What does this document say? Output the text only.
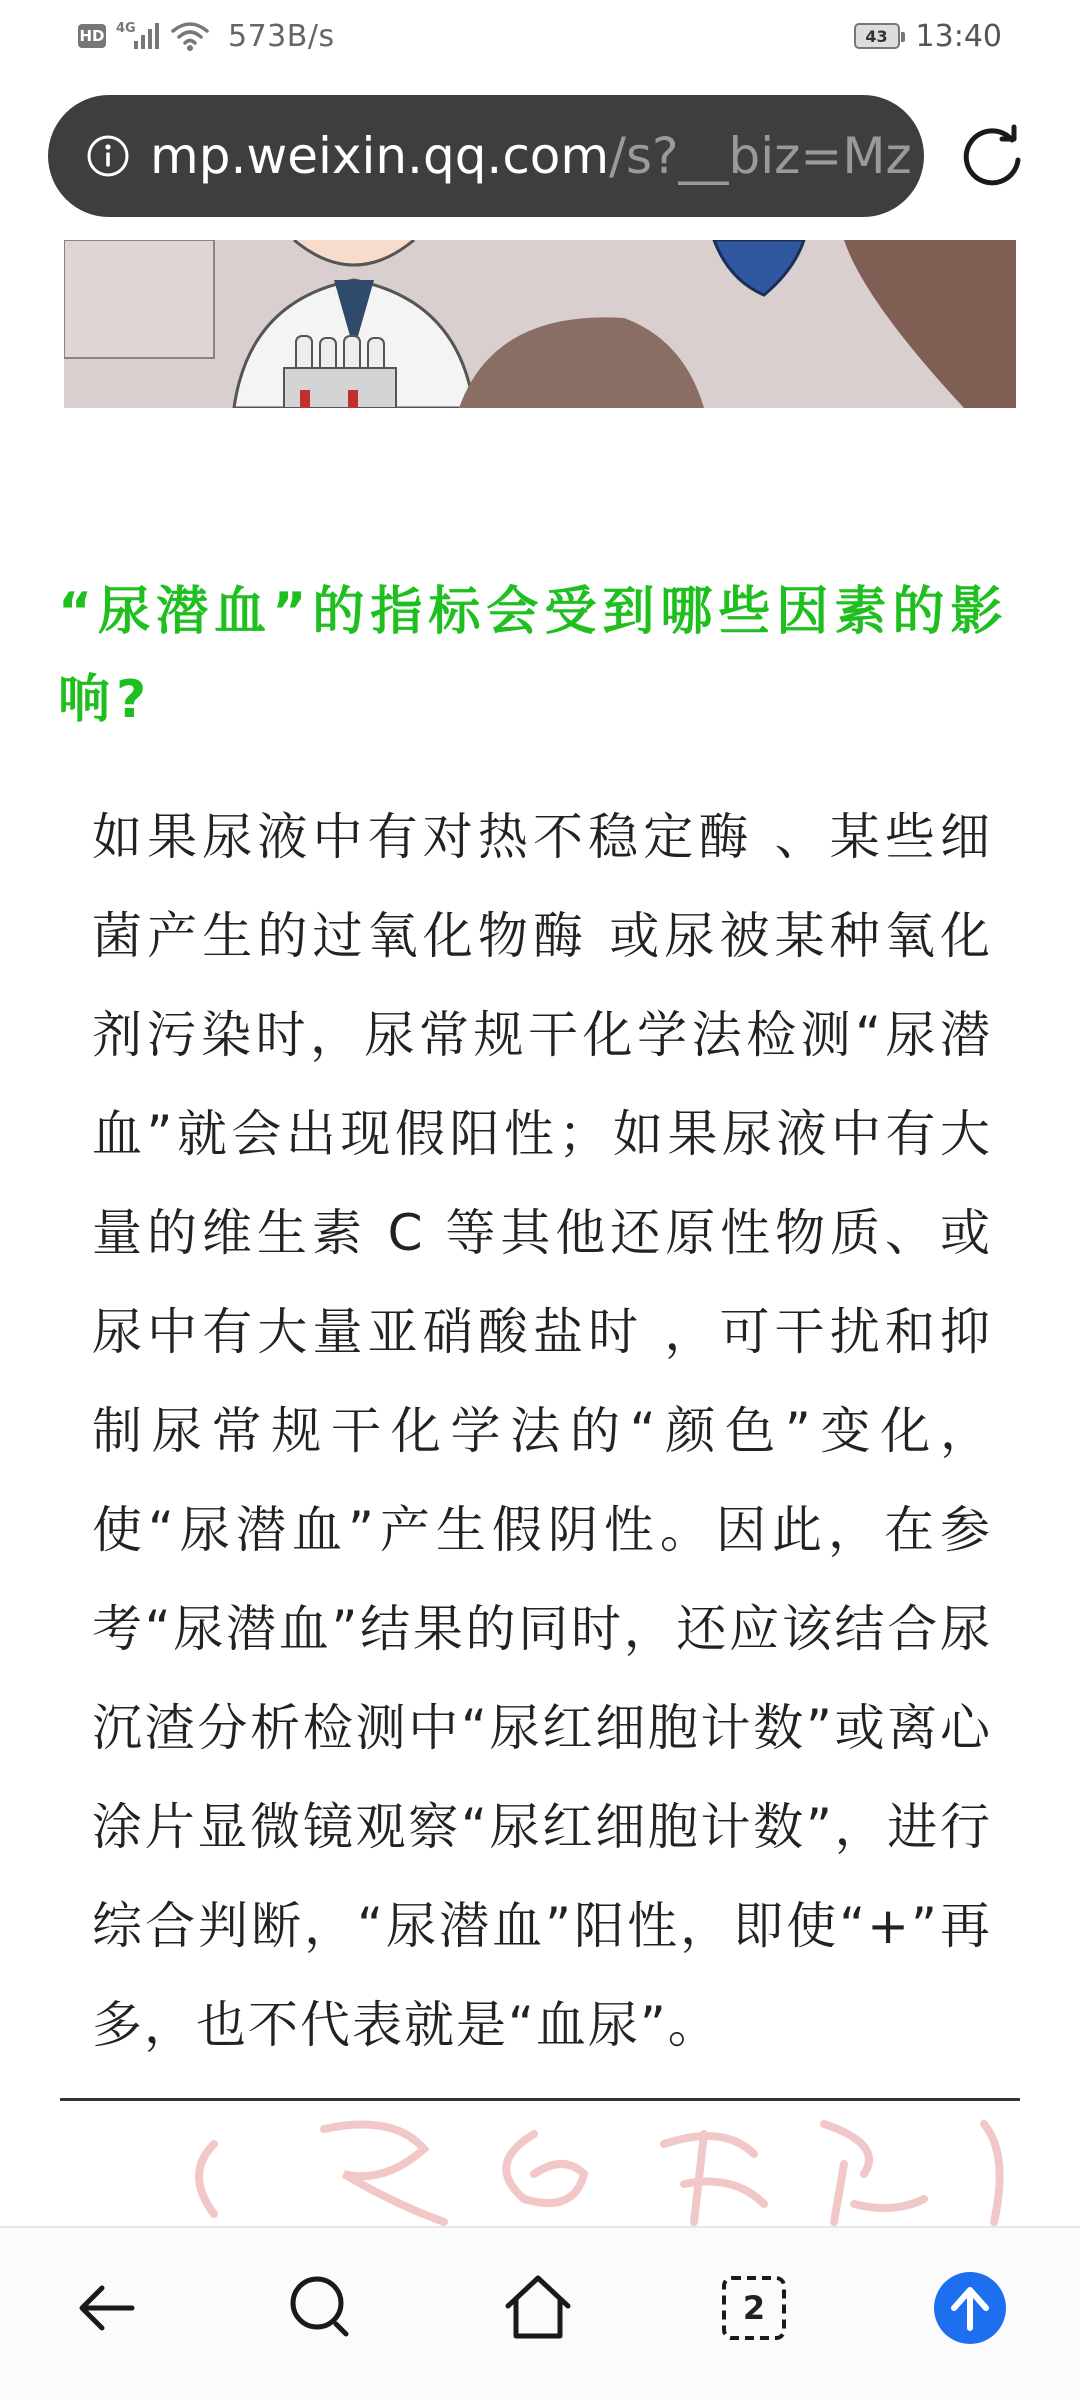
HD 4G	573B/s	43 13:40
mp.weixin.qq.com/s?__biz=Mz
“尿潜血”的指标会受到哪些因素的影响?

如果尿液中有对热不稳定酶 、某些细菌产生的过氧化物酶 或尿被某种氧化剂污染时，尿常规干化学法检测“尿潜血”就会出现假阳性；如果尿液中有大量的维生素 C 等其他还原性物质、或尿中有大量亚硝酸盐时 ，可干扰和抑制尿常规干化学法的“颜色”变化，使“尿潜血”产生假阴性。因此，在参考“尿潜血”结果的同时，还应该结合尿沉渣分析检测中“尿红细胞计数”或离心涂片显微镜观察“尿红细胞计数”，进行综合判断，“尿潜血”阳性，即使“+”再多，也不代表就是“血尿”。

2
